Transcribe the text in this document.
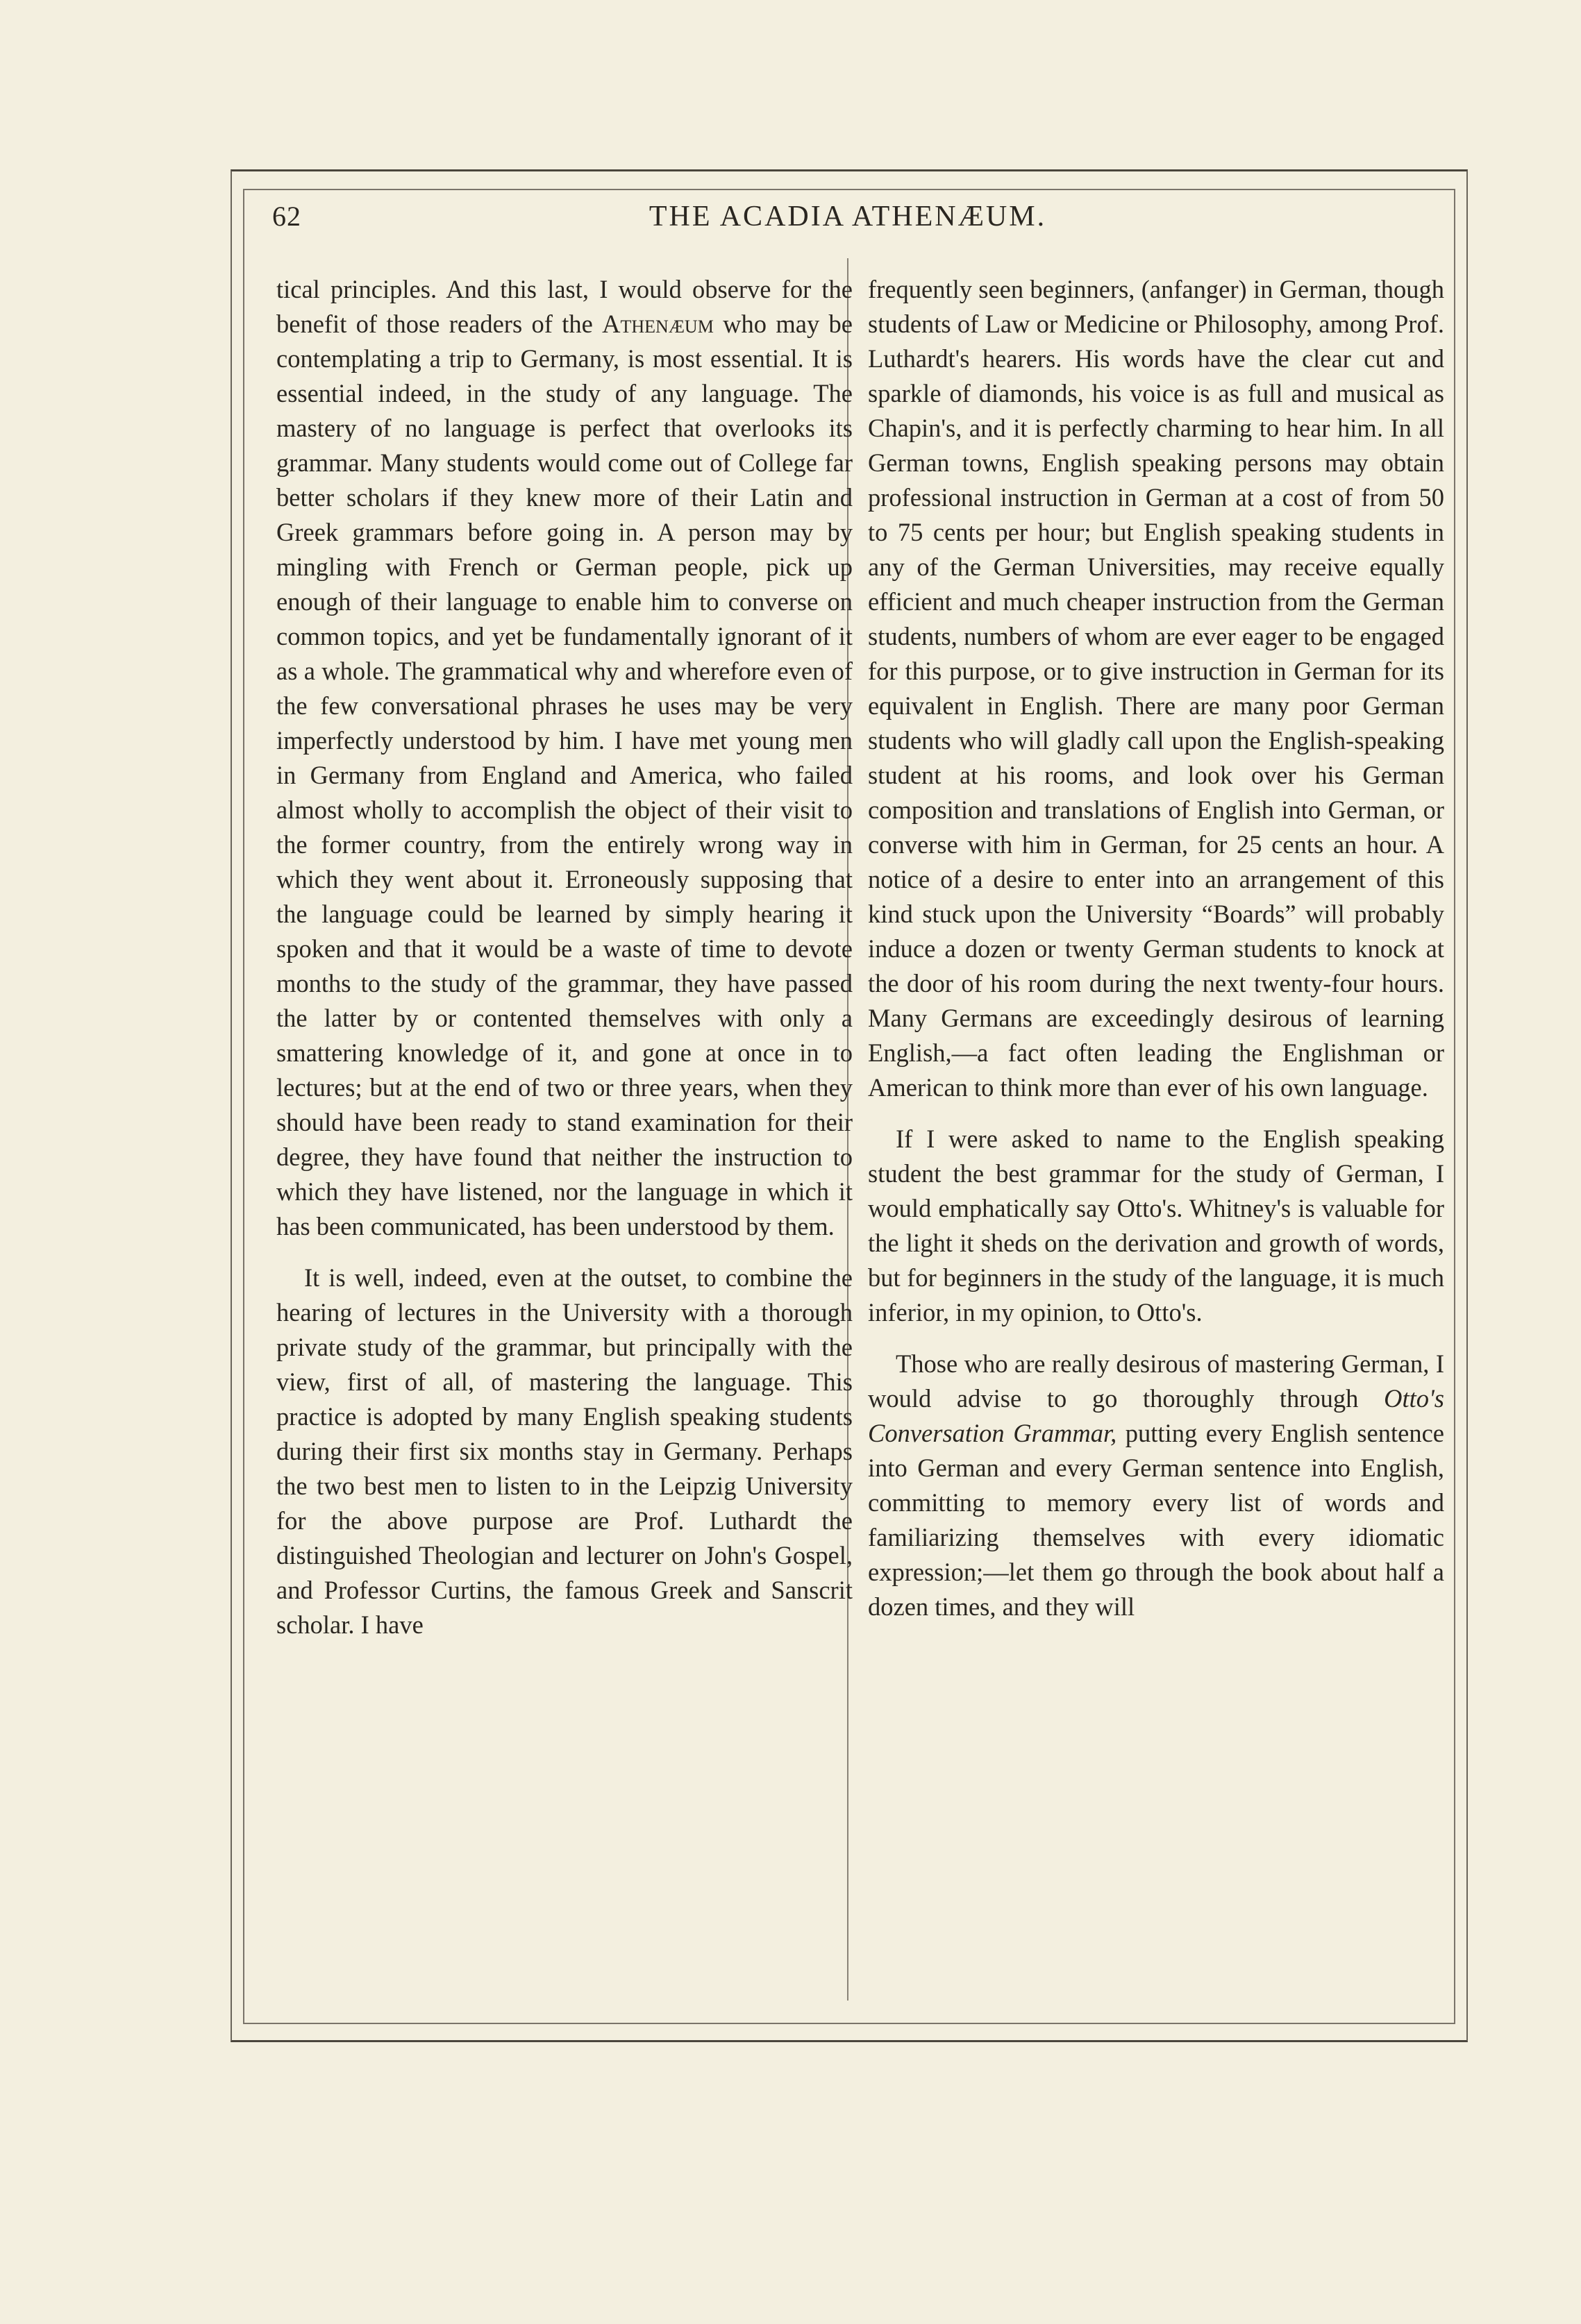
62	THE ACADIA ATHENÆUM.

tical principles. And this last, I would observe for the benefit of those readers of the Athenæum who may be contemplating a trip to Germany, is most essential. It is essential indeed, in the study of any language. The mastery of no language is perfect that overlooks its grammar. Many students would come out of College far better scholars if they knew more of their Latin and Greek grammars before going in. A person may by mingling with French or German people, pick up enough of their language to enable him to converse on common topics, and yet be fundamentally ignorant of it as a whole. The grammatical why and wherefore even of the few conversational phrases he uses may be very imperfectly understood by him. I have met young men in Germany from England and America, who failed almost wholly to accomplish the object of their visit to the former country, from the entirely wrong way in which they went about it. Erroneously supposing that the language could be learned by simply hearing it spoken and that it would be a waste of time to devote months to the study of the grammar, they have passed the latter by or contented themselves with only a smattering knowledge of it, and gone at once in to lectures; but at the end of two or three years, when they should have been ready to stand examination for their degree, they have found that neither the instruction to which they have listened, nor the language in which it has been communicated, has been understood by them.

It is well, indeed, even at the outset, to combine the hearing of lectures in the University with a thorough private study of the grammar, but principally with the view, first of all, of mastering the language. This practice is adopted by many English speaking students during their first six months stay in Germany. Perhaps the two best men to listen to in the Leipzig University for the above purpose are Prof. Luthardt the distinguished Theologian and lecturer on John's Gospel, and Professor Curtins, the famous Greek and Sanscrit scholar. I have

frequently seen beginners, (anfanger) in German, though students of Law or Medicine or Philosophy, among Prof. Luthardt's hearers. His words have the clear cut and sparkle of diamonds, his voice is as full and musical as Chapin's, and it is perfectly charming to hear him. In all German towns, English speaking persons may obtain professional instruction in German at a cost of from 50 to 75 cents per hour; but English speaking students in any of the German Universities, may receive equally efficient and much cheaper instruction from the German students, numbers of whom are ever eager to be engaged for this purpose, or to give instruction in German for its equivalent in English. There are many poor German students who will gladly call upon the English-speaking student at his rooms, and look over his German composition and translations of English into German, or converse with him in German, for 25 cents an hour. A notice of a desire to enter into an arrangement of this kind stuck upon the University “Boards” will probably induce a dozen or twenty German students to knock at the door of his room during the next twenty-four hours. Many Germans are exceedingly desirous of learning English,—a fact often leading the Englishman or American to think more than ever of his own language.

If I were asked to name to the English speaking student the best grammar for the study of German, I would emphatically say Otto's. Whitney's is valuable for the light it sheds on the derivation and growth of words, but for beginners in the study of the language, it is much inferior, in my opinion, to Otto's.

Those who are really desirous of mastering German, I would advise to go thoroughly through Otto's Conversation Grammar, putting every English sentence into German and every German sentence into English, committing to memory every list of words and familiarizing themselves with every idiomatic expression;—let them go through the book about half a dozen times, and they will
